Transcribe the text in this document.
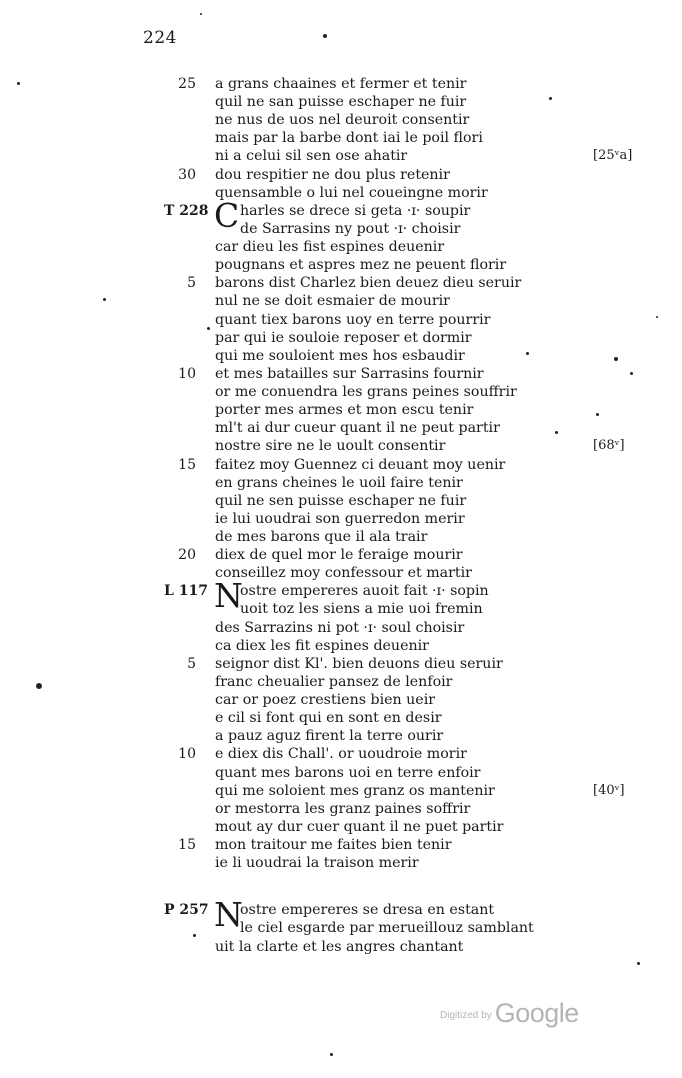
224
25 a grans chaaines et fermer et tenir
quil ne san puisse eschaper ne fuir
ne nus de uos nel deuroit consentir
mais par la barbe dont iai le poil flori
ni a celui sil sen ose ahatir	[25ᵛa]
30 dou respitier ne dou plus retenir
quensamble o lui nel coueingne morir
T 228 C harles se drece si geta ·ɪ· soupir
de Sarrasins ny pout ·ɪ· choisir
car dieu les fist espines deuenir
pougnans et aspres mez ne peuent florir
5 barons dist Charlez bien deuez dieu seruir
nul ne se doit esmaier de mourir
quant tiex barons uoy en terre pourrir
par qui ie souloie reposer et dormir
qui me souloient mes hos esbaudir
10 et mes batailles sur Sarrasins fournir
or me conuendra les grans peines souffrir
porter mes armes et mon escu tenir
ml't ai dur cueur quant il ne peut partir
nostre sire ne le uoult consentir	[68ᵛ]
15 faitez moy Guennez ci deuant moy uenir
en grans cheines le uoil faire tenir
quil ne sen puisse eschaper ne fuir
ie lui uoudrai son guerredon merir
de mes barons que il ala trair
20 diex de quel mor le feraige mourir
conseillez moy confessour et martir
L 117 N
ostre empereres auoit fait ·ɪ· sopin
uoit toz les siens a mie uoi fremin
des Sarrazins ni pot ·ɪ· soul choisir
ca diex les fit espines deuenir
5 seignor dist Kl'. bien deuons dieu seruir
franc cheualier pansez de lenfoir
car or poez crestiens bien ueir
e cil si font qui en sont en desir
a pauz aguz firent la terre ourir
10 e diex dis Chall'. or uoudroie morir
quant mes barons uoi en terre enfoir
qui me soloient mes granz os mantenir	[40ᵛ]
or mestorra les granz paines soffrir
mout ay dur cuer quant il ne puet partir
15 mon traitour me faites bien tenir
ie li uoudrai la traison merir
P 257 N
ostre empereres se dresa en estant
le ciel esgarde par merueillouz samblant
uit la clarte et les angres chantant
$^{Digitized by}$ Google
